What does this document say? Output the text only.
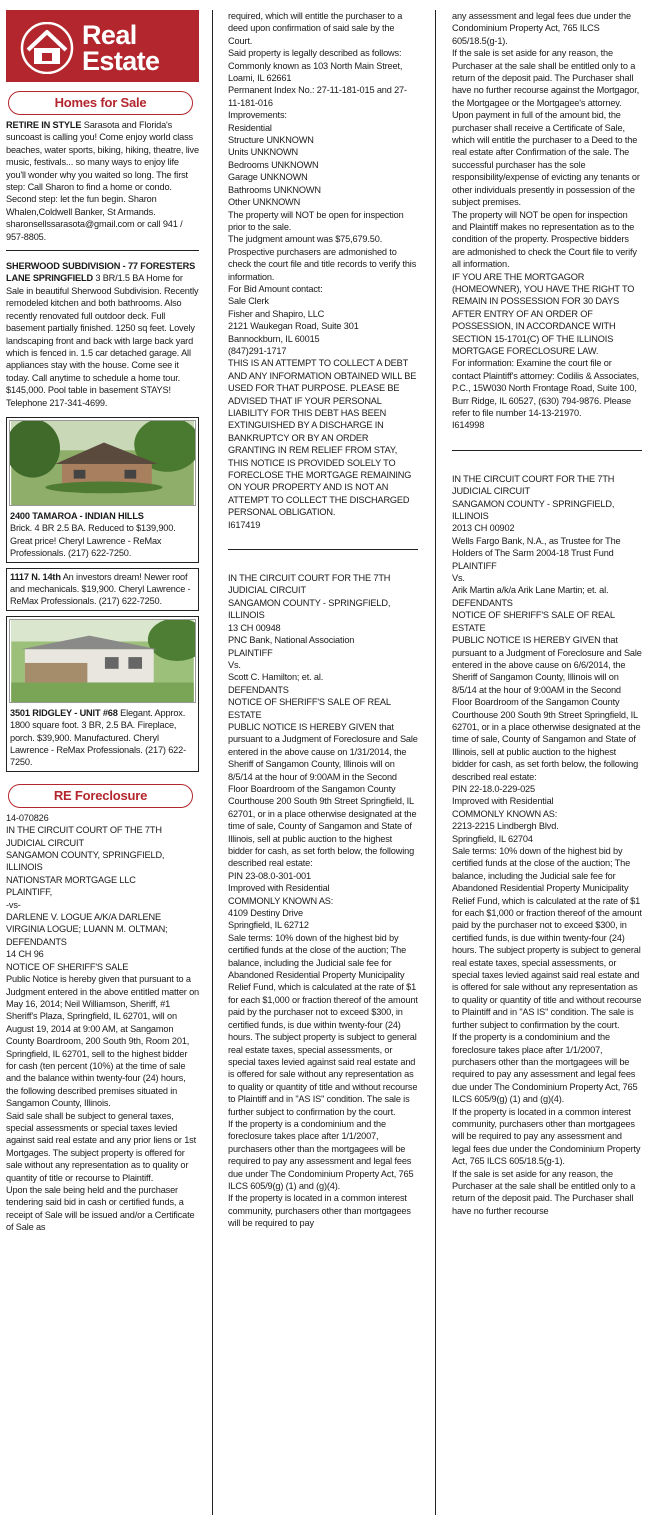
Real
Estate
Homes for Sale
RETIRE IN STYLE Sarasota and Florida's suncoast is calling you! Come enjoy world class beaches, water sports, biking, hiking, theatre, live music, festivals... so many ways to enjoy life you'll wonder why you waited so long. The first step: Call Sharon to find a home or condo. Second step: let the fun begin. Sharon Whalen,Coldwell Banker, St Armands. sharonsellssarasota@gmail.com or call 941 / 957-8805.
SHERWOOD SUBDIVISION - 77 FORESTERS LANE SPRINGFIELD 3 BR/1.5 BA Home for Sale in beautiful Sherwood Subdivision. Recently remodeled kitchen and both bathrooms. Also recently renovated full outdoor deck. Full basement partially finished. 1250 sq feet. Lovely landscaping front and back with large back yard which is fenced in. 1.5 car detached garage. All appliances stay with the house. Come see it today. Call anytime to schedule a home tour. $145,000. Pool table in basement STAYS! Telephone 217-341-4699.
2400 TAMAROA - INDIAN HILLS
Brick. 4 BR 2.5 BA. Reduced to $139,900. Great price! Cheryl Lawrence - ReMax Professionals. (217) 622-7250.
1117 N. 14th An investors dream! Newer roof and mechanicals. $19,900. Cheryl Lawrence - ReMax Professionals. (217) 622-7250.
3501 RIDGLEY - UNIT #68 Elegant. Approx. 1800 square foot. 3 BR, 2.5 BA. Fireplace, porch. $39,900. Manufactured. Cheryl Lawrence - ReMax Professionals. (217) 622-7250.
RE Foreclosure
14-070826
IN THE CIRCUIT COURT OF THE 7TH JUDICIAL CIRCUIT
SANGAMON COUNTY, SPRINGFIELD, ILLINOIS
NATIONSTAR MORTGAGE LLC
PLAINTIFF,
-vs-
DARLENE V. LOGUE A/K/A DARLENE VIRGINIA LOGUE; LUANN M. OLTMAN; DEFENDANTS
14 CH 96
NOTICE OF SHERIFF'S SALE
Public Notice is hereby given that pursuant to a Judgment entered in the above entitled matter on May 16, 2014; Neil Williamson, Sheriff, #1 Sheriff's Plaza, Springfield, IL 62701, will on August 19, 2014 at 9:00 AM, at Sangamon County Boardroom, 200 South 9th, Room 201, Springfield, IL 62701, sell to the highest bidder for cash (ten percent (10%) at the time of sale and the balance within twenty-four (24) hours, the following described premises situated in Sangamon County, Illinois.
Said sale shall be subject to general taxes, special assessments or special taxes levied against said real estate and any prior liens or 1st Mortgages. The subject property is offered for sale without any representation as to quality or quantity of title or recourse to Plaintiff.
Upon the sale being held and the purchaser tendering said bid in cash or certified funds, a receipt of Sale will be issued and/or a Certificate of Sale as
required, which will entitle the purchaser to a deed upon confirmation of said sale by the Court.
Said property is legally described as follows:
Commonly known as 103 North Main Street, Loami, IL 62661
Permanent Index No.: 27-11-181-015 and 27-11-181-016
Improvements:
Residential
Structure UNKNOWN
Units UNKNOWN
Bedrooms UNKNOWN
Garage UNKNOWN
Bathrooms UNKNOWN
Other UNKNOWN
The property will NOT be open for inspection prior to the sale.
The judgment amount was $75,679.50.
Prospective purchasers are admonished to check the court file and title records to verify this information.
For Bid Amount contact:
Sale Clerk
Fisher and Shapiro, LLC
2121 Waukegan Road, Suite 301
Bannockburn, IL 60015
(847)291-1717
THIS IS AN ATTEMPT TO COLLECT A DEBT AND ANY INFORMATION OBTAINED WILL BE USED FOR THAT PURPOSE. PLEASE BE ADVISED THAT IF YOUR PERSONAL LIABILITY FOR THIS DEBT HAS BEEN EXTINGUISHED BY A DISCHARGE IN BANKRUPTCY OR BY AN ORDER GRANTING IN REM RELIEF FROM STAY, THIS NOTICE IS PROVIDED SOLELY TO FORECLOSE THE MORTGAGE REMAINING ON YOUR PROPERTY AND IS NOT AN ATTEMPT TO COLLECT THE DISCHARGED PERSONAL OBLIGATION.
I617419
IN THE CIRCUIT COURT FOR THE 7TH JUDICIAL CIRCUIT
SANGAMON COUNTY - SPRINGFIELD, ILLINOIS
13 CH 00948
PNC Bank, National Association
PLAINTIFF
Vs.
Scott C. Hamilton; et. al.
DEFENDANTS
NOTICE OF SHERIFF'S SALE OF REAL ESTATE
PUBLIC NOTICE IS HEREBY GIVEN that pursuant to a Judgment of Foreclosure and Sale entered in the above cause on 1/31/2014, the Sheriff of Sangamon County, Illinois will on 8/5/14 at the hour of 9:00AM in the Second Floor Boardroom of the Sangamon County Courthouse 200 South 9th Street Springfield, IL 62701, or in a place otherwise designated at the time of sale, County of Sangamon and State of Illinois, sell at public auction to the highest bidder for cash, as set forth below, the following described real estate:
PIN 23-08.0-301-001
Improved with Residential
COMMONLY KNOWN AS:
4109 Destiny Drive
Springfield, IL 62712
Sale terms: 10% down of the highest bid by certified funds at the close of the auction; The balance, including the Judicial sale fee for Abandoned Residential Property Municipality Relief Fund, which is calculated at the rate of $1 for each $1,000 or fraction thereof of the amount paid by the purchaser not to exceed $300, in certified funds, is due within twenty-four (24) hours. The subject property is subject to general real estate taxes, special assessments, or special taxes levied against said real estate and is offered for sale without any representation as to quality or quantity of title and without recourse to Plaintiff and in "AS IS" condition. The sale is further subject to confirmation by the court.
If the property is a condominium and the foreclosure takes place after 1/1/2007, purchasers other than the mortgagees will be required to pay any assessment and legal fees due under The Condominium Property Act, 765 ILCS 605/9(g) (1) and (g)(4).
If the property is located in a common interest community, purchasers other than mortgagees will be required to pay
any assessment and legal fees due under the Condominium Property Act, 765 ILCS 605/18.5(g-1).
If the sale is set aside for any reason, the Purchaser at the sale shall be entitled only to a return of the deposit paid. The Purchaser shall have no further recourse against the Mortgagor, the Mortgagee or the Mortgagee's attorney.
Upon payment in full of the amount bid, the purchaser shall receive a Certificate of Sale, which will entitle the purchaser to a Deed to the real estate after Confirmation of the sale. The successful purchaser has the sole responsibility/expense of evicting any tenants or other individuals presently in possession of the subject premises.
The property will NOT be open for inspection and Plaintiff makes no representation as to the condition of the property. Prospective bidders are admonished to check the Court file to verify all information.
IF YOU ARE THE MORTGAGOR (HOMEOWNER), YOU HAVE THE RIGHT TO REMAIN IN POSSESSION FOR 30 DAYS AFTER ENTRY OF AN ORDER OF POSSESSION, IN ACCORDANCE WITH SECTION 15-1701(C) OF THE ILLINOIS MORTGAGE FORECLOSURE LAW.
For information: Examine the court file or contact Plaintiff's attorney: Codilis & Associates, P.C., 15W030 North Frontage Road, Suite 100, Burr Ridge, IL 60527, (630) 794-9876. Please refer to file number 14-13-21970.
I614998
IN THE CIRCUIT COURT FOR THE 7TH JUDICIAL CIRCUIT
SANGAMON COUNTY - SPRINGFIELD, ILLINOIS
2013 CH 00902
Wells Fargo Bank, N.A., as Trustee for The Holders of The Sarm 2004-18 Trust Fund
PLAINTIFF
Vs.
Arik Martin a/k/a Arik Lane Martin; et. al.
DEFENDANTS
NOTICE OF SHERIFF'S SALE OF REAL ESTATE
PUBLIC NOTICE IS HEREBY GIVEN that pursuant to a Judgment of Foreclosure and Sale entered in the above cause on 6/6/2014, the Sheriff of Sangamon County, Illinois will on 8/5/14 at the hour of 9:00AM in the Second Floor Boardroom of the Sangamon County Courthouse 200 South 9th Street Springfield, IL 62701, or in a place otherwise designated at the time of sale, County of Sangamon and State of Illinois, sell at public auction to the highest bidder for cash, as set forth below, the following described real estate:
PIN 22-18.0-229-025
Improved with Residential
COMMONLY KNOWN AS:
2213-2215 Lindbergh Blvd.
Springfield, IL 62704
Sale terms: 10% down of the highest bid by certified funds at the close of the auction; The balance, including the Judicial sale fee for Abandoned Residential Property Municipality Relief Fund, which is calculated at the rate of $1 for each $1,000 or fraction thereof of the amount paid by the purchaser not to exceed $300, in certified funds, is due within twenty-four (24) hours. The subject property is subject to general real estate taxes, special assessments, or special taxes levied against said real estate and is offered for sale without any representation as to quality or quantity of title and without recourse to Plaintiff and in "AS IS" condition. The sale is further subject to confirmation by the court.
If the property is a condominium and the foreclosure takes place after 1/1/2007, purchasers other than the mortgagees will be required to pay any assessment and legal fees due under The Condominium Property Act, 765 ILCS 605/9(g) (1) and (g)(4).
If the property is located in a common interest community, purchasers other than mortgagees will be required to pay any assessment and legal fees due under the Condominium Property Act, 765 ILCS 605/18.5(g-1).
If the sale is set aside for any reason, the Purchaser at the sale shall be entitled only to a return of the deposit paid. The Purchaser shall have no further recourse
